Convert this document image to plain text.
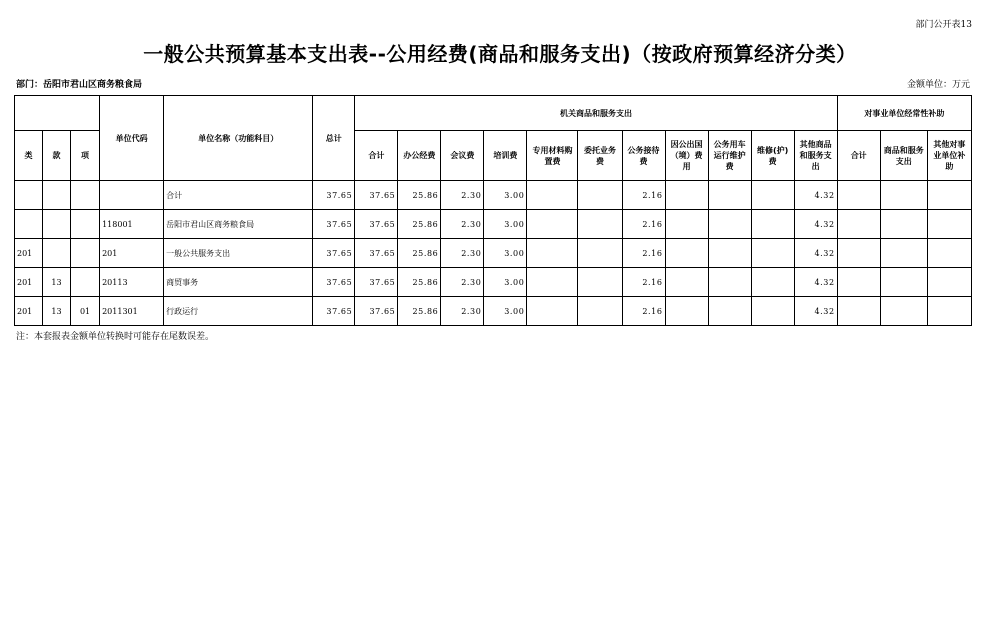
部门公开表13
一般公共预算基本支出表--公用经费(商品和服务支出)（按政府预算经济分类）
部门：岳阳市君山区商务粮食局	金额单位：万元
			单位代码	单位名称（功能科目）	总计	机关商品和服务支出											对事业单位经常性补助		
类	款	项				合计	办公经费	会议费	培训费	专用材料购置费	委托业务费	公务接待费	因公出国（境）费用	公务用车运行维护费	维修(护)费	其他商品和服务支出	合计	商品和服务支出	其他对事业单位补助
				合计	37.65	37.65	25.86	2.30	3.00			2.16				4.32			
			118001	岳阳市君山区商务粮食局	37.65	37.65	25.86	2.30	3.00			2.16				4.32			
201			201	一般公共服务支出	37.65	37.65	25.86	2.30	3.00			2.16				4.32			
201	13		20113	商贸事务	37.65	37.65	25.86	2.30	3.00			2.16				4.32			
201	13	01	2011301	行政运行	37.65	37.65	25.86	2.30	3.00			2.16				4.32			
注：本套报表金额单位转换时可能存在尾数误差。
